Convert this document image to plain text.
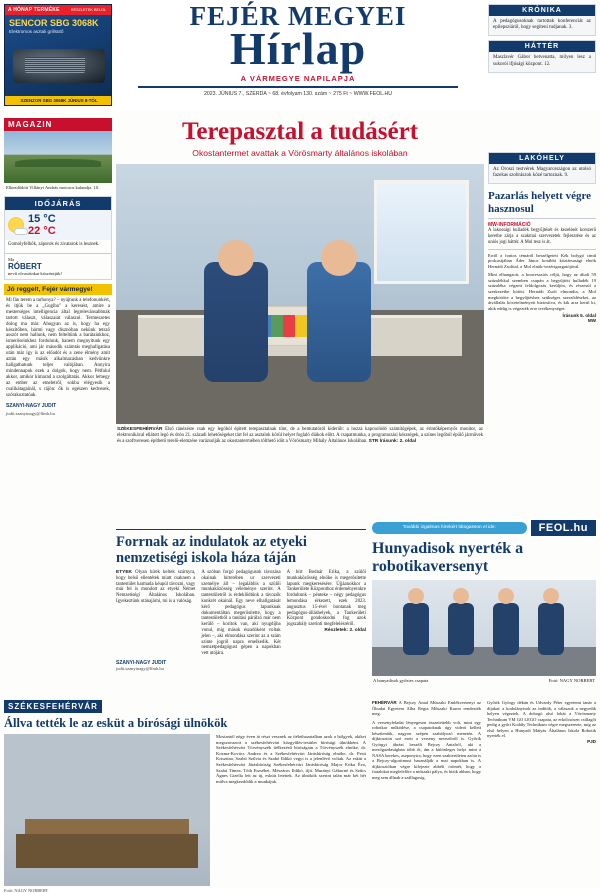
A HÓNAP TERMÉKE	RÉSZLETEK BELÜL
SENCOR SBG 3068K
Elektromos asztali grillsütő
SZENZOR SBG 3068K JÚNIUS 8-TÓL
FEJÉR MEGYEI
Hírlap
A VÁRMEGYE NAPILAPJA
2023. JÚNIUS 7., SZERDA ~ 68. évfolyam 130. szám ~ 275 Ft ~ WWW.FEOL.HU
KRÓNIKA
A pedagógusoknak tartottak konferenciát az epilepsziáról, hogy segíteni tudjanak. 3.
HÁTTÉR
Maszlavér Gábor hetvenatta, milyen lesz a sukorói ifjúsági központ. 12.
LAKÓHELY
Az Oroszi testvérek Magyarországon az utolsó fazekas szobrászok közé tartoznak. 9.
Pazarlás helyett végre hasznosul
MW-INFORMÁCIÓ
A lakossági hulladék begyűjtését és kezelését korszerű keretbe zárja a szakmai szervezetek fejlesztése és az uniós jogi háttér. A Mol tesz is át.
Erről a fontos témáról beszélgetett Kék bolygó című podcastjában Áder János korábbi köztársasági elnök Hernádi Zsolttal, a Mol elnök-vezérigazgatójával.
Mint elhangzott, a koncessziós céljú, hogy az általi 59 százalékkal szemben csupán a begyűjtött hulladék 19 százaléka végzett feldolgozás kerüljön, és részesül a szerkezetbe kötött. Hernádi Zsolt elmondta, a Mol megkötötte a begyűjtéshez szükséges szerződéseket, az átvállalás követelményeit biztosítva, és kik arra kerül ki, akik eddig is végezték erre tevékenységet.
Írásunk 5. oldal
MW
MAGAZIN
Elkezdődött Villányi András motoros kalandja. 10.
IDŐJÁRÁS
15 °C
22 °C
Gomolyfelhők, záporok és zivatarok is lesznek.
Ma
RÓBERT
nevű olvasóinkat köszöntjük!
Jó reggelt, Fejér vármegye!
Mi fán terem a tarhonya? – nyújtunk a telefonunkért, és itjük be a „Guglba" a keresést, amire a mesterséges intelligencia által legrelevánsabbnak tartott választ, válaszaiat válaszol. Termeszetes dolog ma már. Ahogyan az is, hogy ha egy készítőben, bármi vagy disznóban nekünk tetsző asszót nem hallunk, nem felteltünk a barátainkhoz, ismerőseinkhez fordulunk, hanem megnyitunk egy applikáció, ami jár második számtás meghallgatása után már így is az előadót és a zene élmény amit aztán egy másik alkalmazásban kedvünkre hallgathatunk teljes valójában. Annyira mindennapok ezek a dolgok, hogy nem. Pétfalul akkor, amikor kimarad a szolgáltatás. Akkor lemegy az ember az emeletről, sokba elégyesik a csalikátagainál, s rájön: ők is egészen kedvesek, szórakoztatóak.
SZANYI-NAGY JUDIT
judit.szanyinagy@lfmh.hu
Terepasztal a tudásért
Okostantermet avattak a Vörösmarty általános iskolában
SZÉKESFEHÉRVÁR Első ránézésre csak egy legóból épített terepasztalnak tűnt, de a bemutatóról kiderült: a hozzá kapcsolódó számítógépek, az érintőképernyős monitor, az elektronikával ellátott legó és drón 21. századi lehetőségeket tárt fel az asztalok körül helyet foglaló diákok előtt. A csapatmunka, a programozási készségek, a színes legóból épülő járművek és a szoftveresen építhető terelő-elemzése varázsolják az okostantermében tölthető időt a Vörösmarty Mihály Általános Iskolában. STR Írásunk: 2. oldal
Forrnak az indulatok az etyeki nemzetiségi iskola háza táján
ETYEK Olyan hírek keltek szárnyra, hogy belső ellentétek miatt csaknem a tantestület harmada kéupúl távozni, vagy már fel is mondott az etyeki Német Nemzetiségi Általános Iskolában. Igyekeztünk utánajárni, mi is a valóság.
A szóban forgó pedagógusok távozása okainak hírterében ur szervezeti személye áll – legalábbis a szülői munkaközösség véleménye szerint. A tantestületről is érdeklődtünk a távozók konkrét okainál. Egy neve elhallgatását kérő pedagógus lapunknak dokumentáltan megerősítette, hogy a tantestületből a tanítási párálzó már nem kerülő – korítok van, aki nyugdíjba vonul, míg mások észadóként voltak jelen –, aki elmondása szerint az a szám szinte jogról napra emelkedik. Két nemzetpedagógust gépen a napokban vett utójára.
A hírt Bodnár Erika, a szülői munkaközösség elnöke is megerősítette lapunk megkeresésére. Újjáanokkor a Tankerülete Központhoz érdeményeinkre fordultunk – pénteke – négy pedagógus lemondása érkezett, ezek 2023. augusztus 15-ével bontanak meg pedagógus-álláshelyek, a Tankerületi Központ gondoskodni fog azok jogszabály szerinti megfelelésréről.
Részletek: 2. oldal
SZANYI-NAGY JUDIT
judit.szanyinagy@lfmh.hu
További izgalmas hírekért látogasson el ide:	FEOL.hu
Hunyadisok nyerték a robotikaversenyt
A hunyadisok győztes csapata	Fotó: NAGY NORBERT
SZÉKESFEHÉRVÁR
Állva tették le az esküt a bírósági ülnökök
Mostantól négy éven át részt vesznek az ítélethozatalban azok a hölgyek, akiket megszavazott a székesfehérvári közgyűlés-testület bírósági ülnökként. A Székesfehérvári Törvényszék ítélkezésű bíróságain a Törvényszék elnöke, dr. Kozma-Kovács Andrea és a Székesfehérvári Járásbíróság elnöke, dr. Pesti Krisztina, Szabó Szilvia és Szabó Ildikó vegyi is a jelenlévő voltak. Az esküt a Székesfehérvári Járásbíróság Székesfehérvári Járásbíróság Major Erika Éva, Szalai Tímea, Tóth Erzsébet, Mészáros Ildikó, ifjú. Murányi Gáborné és Szűcs Ágnes Gizella lett az új, eskütt letettek. Az ülnökök szerint talán már két hét múlva megkezdődik a munkájuk.
Fotó: NAGY NORBERT
FEHÉRVÁR A Bejczy Antal Műszaki Emlékversenyt az Óbudai Egyetem Alba Regia Műszaki Karon rendezték meg.
A versenyfeladat lényegesen összetettebb volt, mint egy robotkar működése, a csapatoknak úgy videót kellett készíteniük, nagyon szépen szabályozó menetén. A díjkiosztón szó esett a verseny nevezőiről is. Győrik Györgyi ábrázt beszélt Bejczy Antalról, aki a mezőgazdaságban több őt, ám a különleges helyi mint a NASA kerekes, aszponyira, hogy ezen szakterületen azóta is a Bejczy-algoritmust használják a mai napokban is. A díjkiosztóban végre kifejezte abbéli örömét, hogy a fiatalokat megfelelőre a műszaki pálya, és bízik abban, hogy meg sem állnak a szállagosig.
Győrik György dékán és Udvardy Péter egyetemi tanár a díjakat: a kodolányisok az indítók, a válaszok a negyedik helyen végeztek. A dobogó alsó fokát a Vörösmarty Technikum VM GO LEGO csapata, az erkölcsösen csillagőt pedig a győri Kodály Technikum végre megszerezte, míg az első helyen a Hunyadi Mátyás Általános Iskola Robotik nyerték el.
PJD
